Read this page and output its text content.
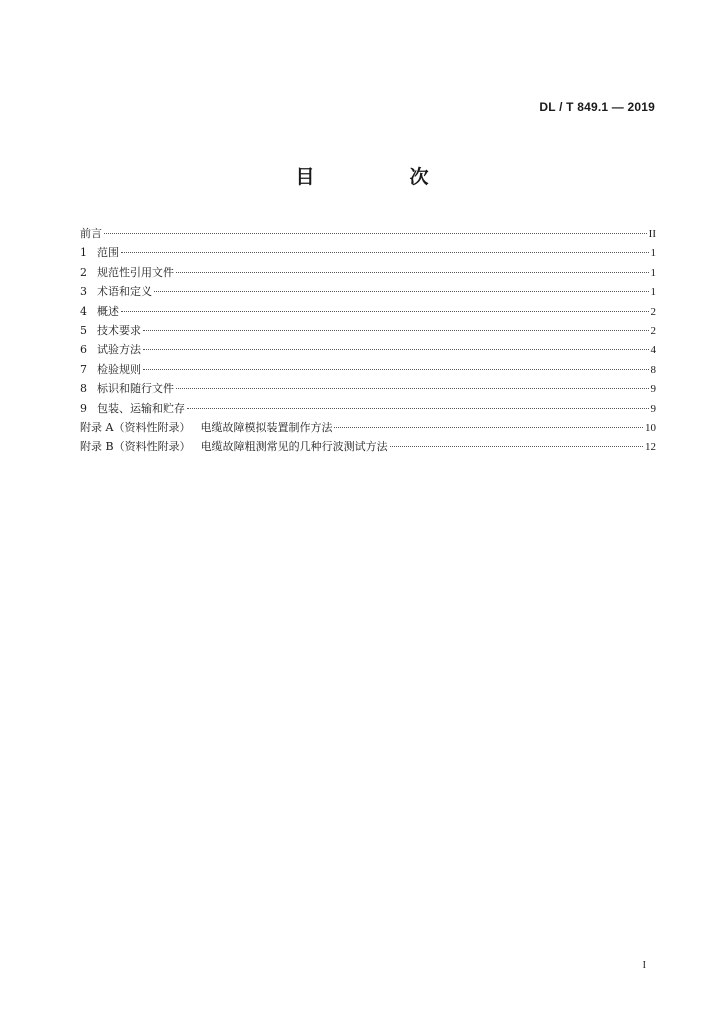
DL / T 849.1 — 2019
目　次
前言	II
1 范围	1
2 规范性引用文件	1
3 术语和定义	1
4 概述	2
5 技术要求	2
6 试验方法	4
7 检验规则	8
8 标识和随行文件	9
9 包装、运输和贮存	9
附录 A（资料性附录） 电缆故障模拟装置制作方法	10
附录 B（资料性附录） 电缆故障粗测常见的几种行波测试方法	12
I
